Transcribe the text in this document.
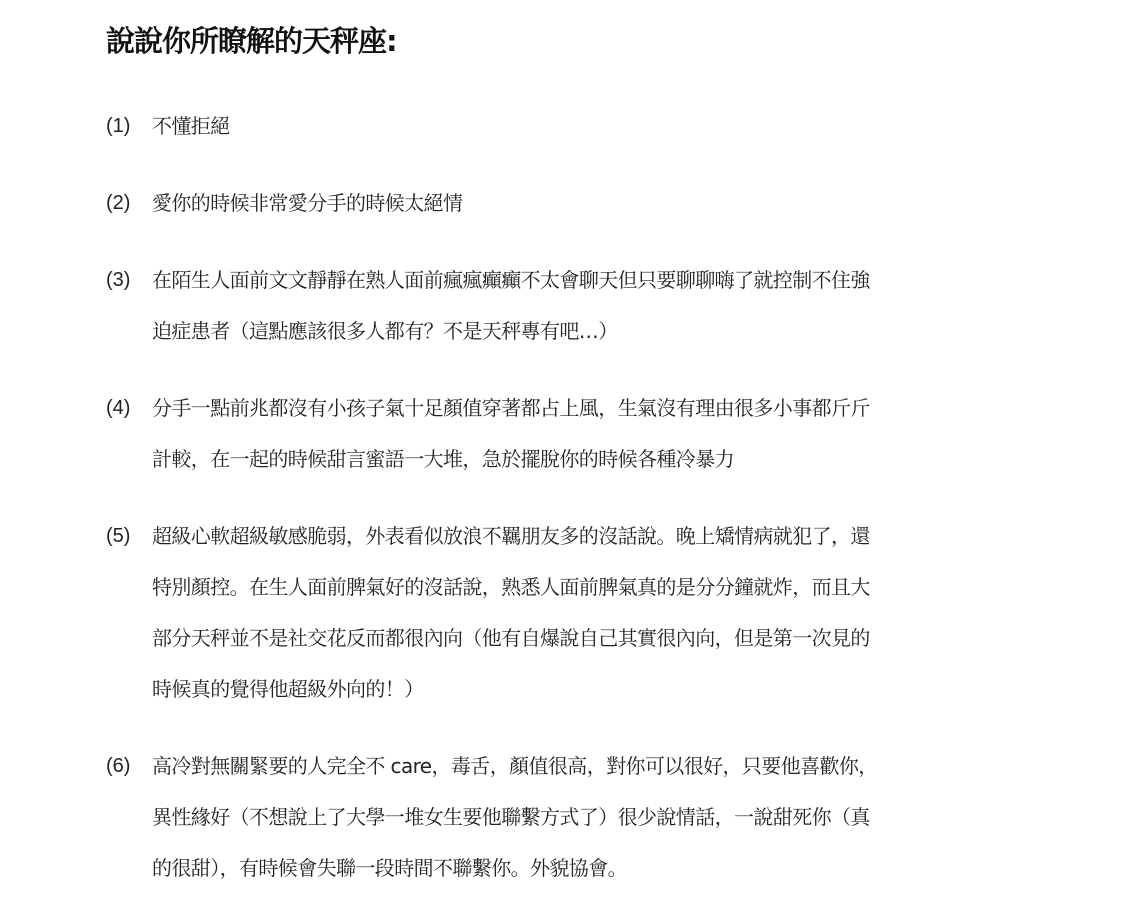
說說你所瞭解的天秤座:
(1) 不懂拒絕
(2) 愛你的時候非常愛分手的時候太絕情
(3) 在陌生人面前文文靜靜在熟人面前瘋瘋癲癲不太會聊天但只要聊聊嗨了就控制不住強
迫症患者（這點應該很多人都有？不是天秤專有吧…）
(4) 分手一點前兆都沒有小孩子氣十足顏值穿著都占上風，生氣沒有理由很多小事都斤斤
計較，在一起的時候甜言蜜語一大堆，急於擺脫你的時候各種冷暴力
(5) 超級心軟超級敏感脆弱，外表看似放浪不羈朋友多的沒話說。晚上矯情病就犯了，還
特別顏控。在生人面前脾氣好的沒話說，熟悉人面前脾氣真的是分分鐘就炸，而且大
部分天秤並不是社交花反而都很內向（他有自爆說自己其實很內向，但是第一次見的
時候真的覺得他超級外向的！）
(6) 高冷對無關緊要的人完全不 care，毒舌，顏值很高，對你可以很好，只要他喜歡你，
異性緣好（不想說上了大學一堆女生要他聯繫方式了）很少說情話，一說甜死你（真
的很甜），有時候會失聯一段時間不聯繫你。外貌協會。
